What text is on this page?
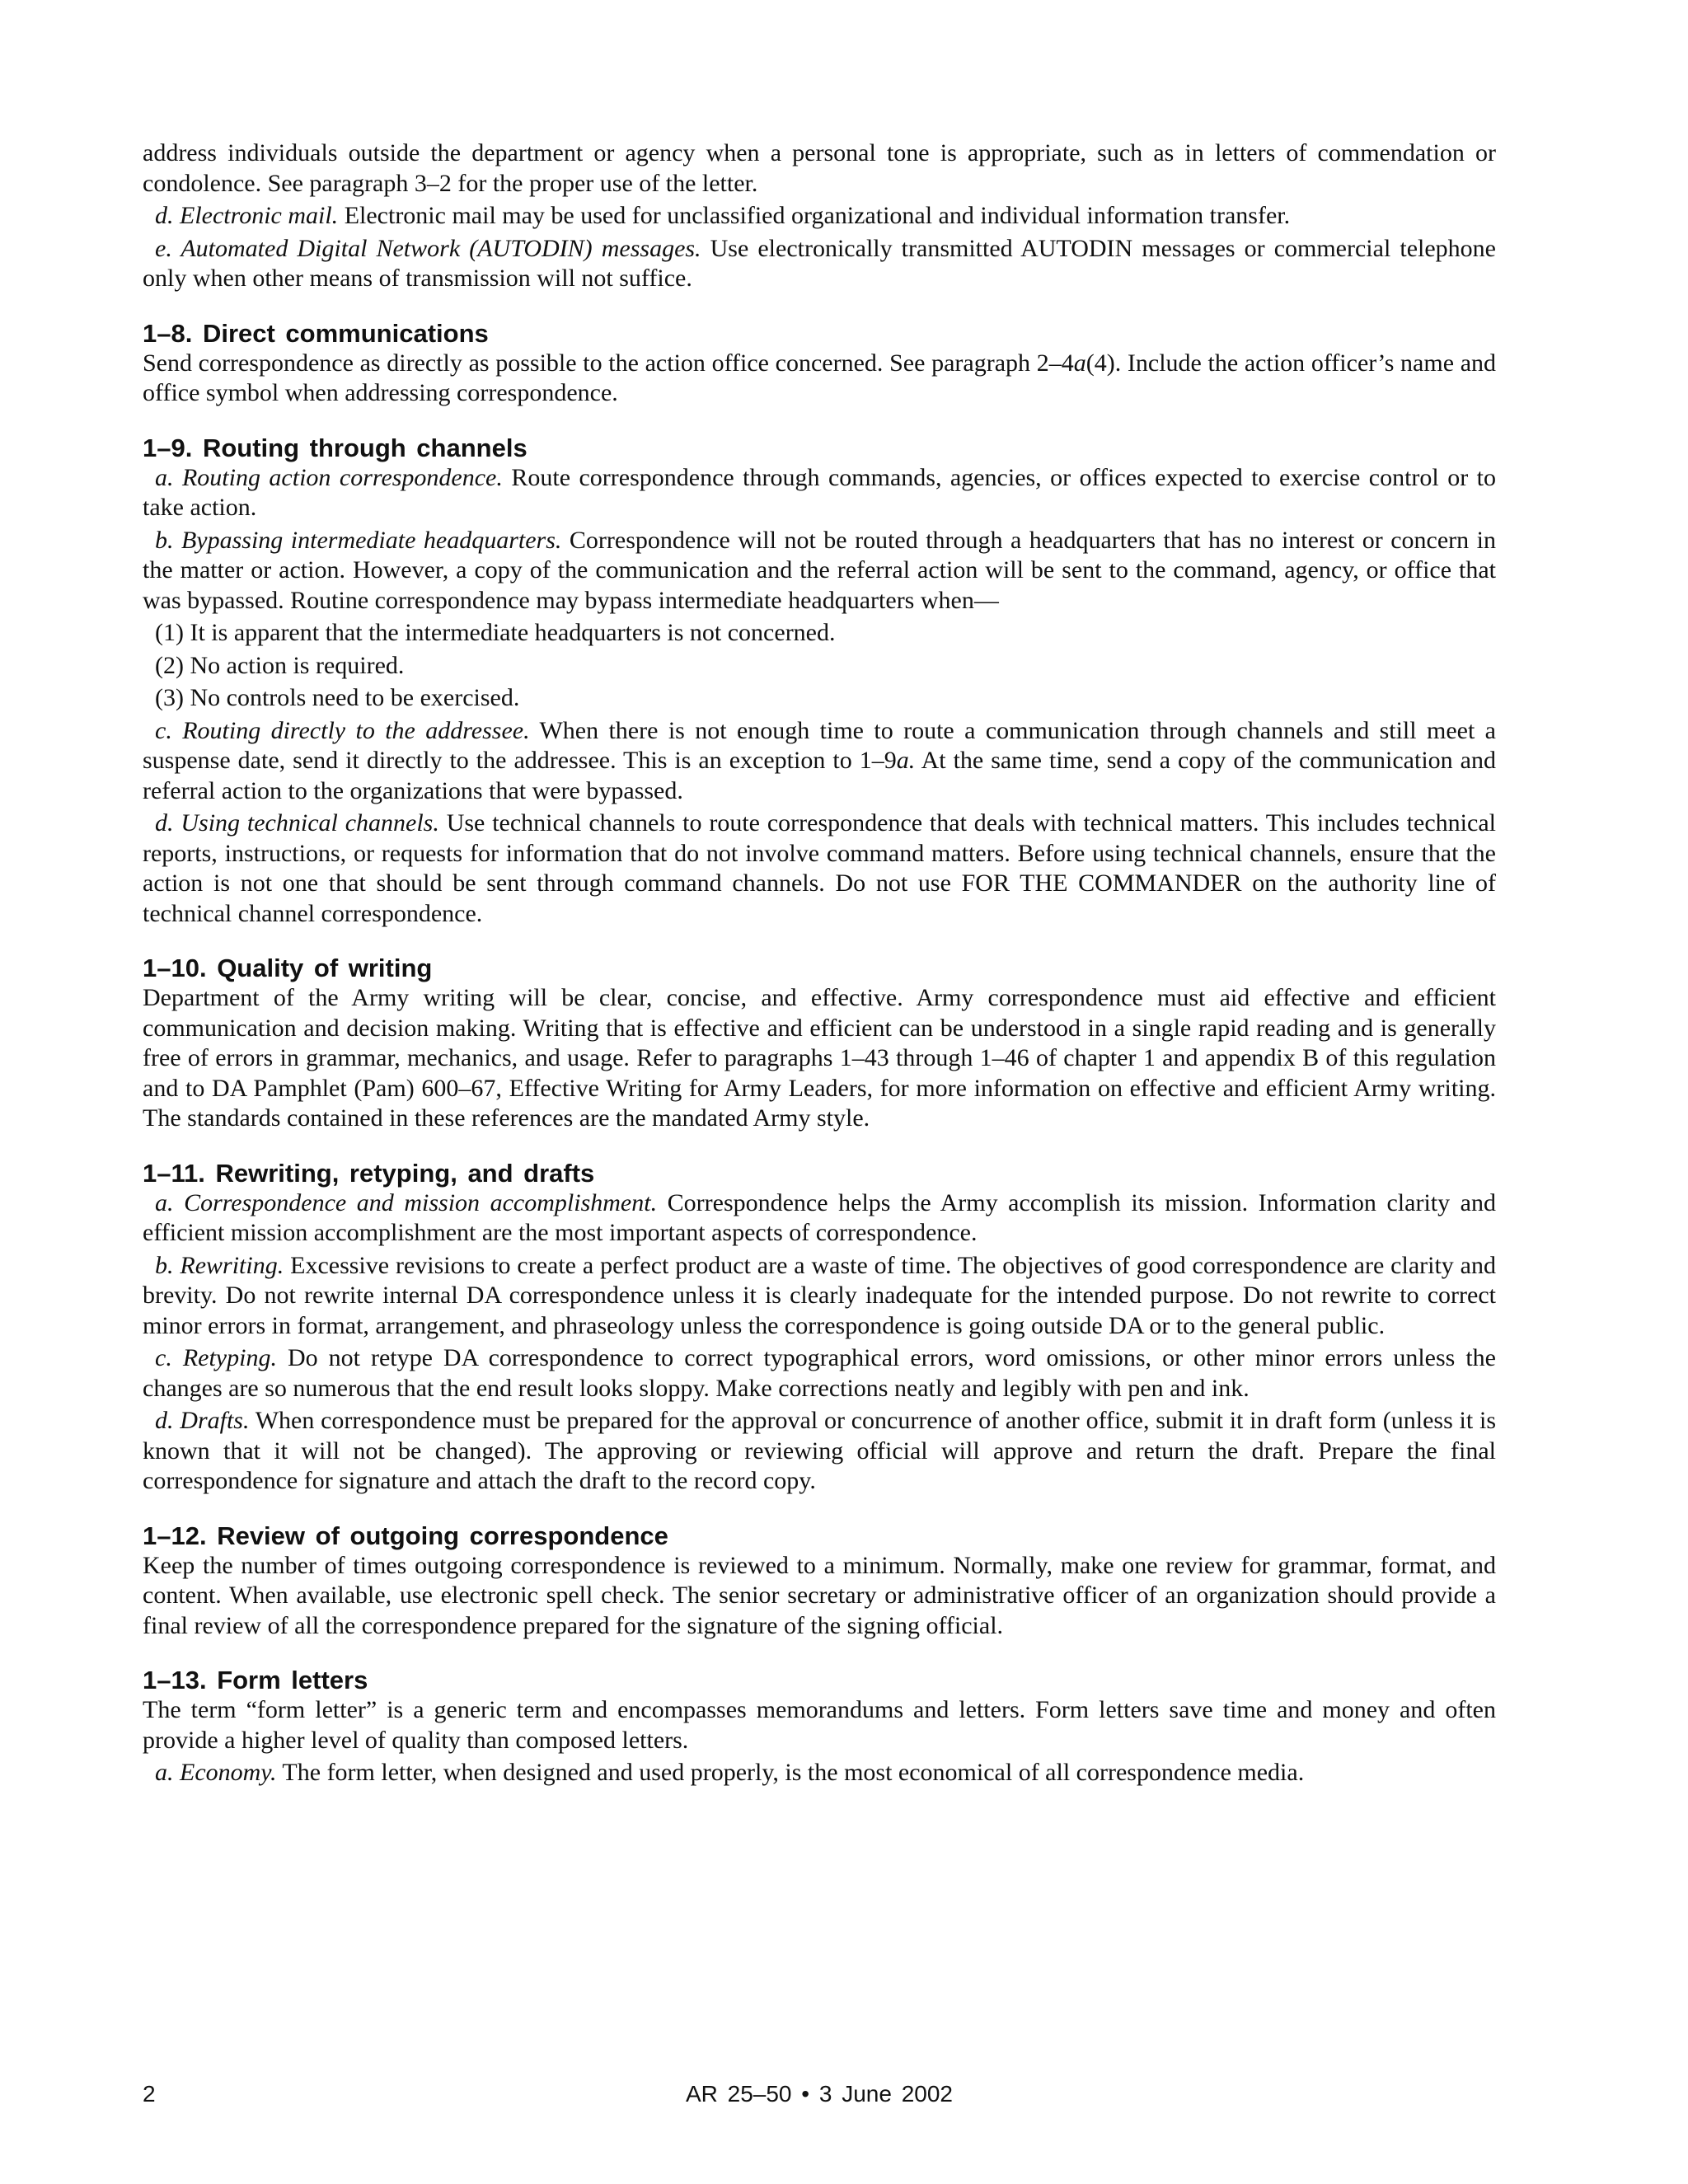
address individuals outside the department or agency when a personal tone is appropriate, such as in letters of commendation or condolence. See paragraph 3–2 for the proper use of the letter.

d. Electronic mail. Electronic mail may be used for unclassified organizational and individual information transfer.

e. Automated Digital Network (AUTODIN) messages. Use electronically transmitted AUTODIN messages or commercial telephone only when other means of transmission will not suffice.

1–8. Direct communications

Send correspondence as directly as possible to the action office concerned. See paragraph 2–4a(4). Include the action officer’s name and office symbol when addressing correspondence.

1–9. Routing through channels

a. Routing action correspondence. Route correspondence through commands, agencies, or offices expected to exercise control or to take action.

b. Bypassing intermediate headquarters. Correspondence will not be routed through a headquarters that has no interest or concern in the matter or action. However, a copy of the communication and the referral action will be sent to the command, agency, or office that was bypassed. Routine correspondence may bypass intermediate headquarters when—

(1) It is apparent that the intermediate headquarters is not concerned.

(2) No action is required.

(3) No controls need to be exercised.

c. Routing directly to the addressee. When there is not enough time to route a communication through channels and still meet a suspense date, send it directly to the addressee. This is an exception to 1–9a. At the same time, send a copy of the communication and referral action to the organizations that were bypassed.

d. Using technical channels. Use technical channels to route correspondence that deals with technical matters. This includes technical reports, instructions, or requests for information that do not involve command matters. Before using technical channels, ensure that the action is not one that should be sent through command channels. Do not use FOR THE COMMANDER on the authority line of technical channel correspondence.

1–10. Quality of writing

Department of the Army writing will be clear, concise, and effective. Army correspondence must aid effective and efficient communication and decision making. Writing that is effective and efficient can be understood in a single rapid reading and is generally free of errors in grammar, mechanics, and usage. Refer to paragraphs 1–43 through 1–46 of chapter 1 and appendix B of this regulation and to DA Pamphlet (Pam) 600–67, Effective Writing for Army Leaders, for more information on effective and efficient Army writing. The standards contained in these references are the mandated Army style.

1–11. Rewriting, retyping, and drafts

a. Correspondence and mission accomplishment. Correspondence helps the Army accomplish its mission. Information clarity and efficient mission accomplishment are the most important aspects of correspondence.

b. Rewriting. Excessive revisions to create a perfect product are a waste of time. The objectives of good correspondence are clarity and brevity. Do not rewrite internal DA correspondence unless it is clearly inadequate for the intended purpose. Do not rewrite to correct minor errors in format, arrangement, and phraseology unless the correspondence is going outside DA or to the general public.

c. Retyping. Do not retype DA correspondence to correct typographical errors, word omissions, or other minor errors unless the changes are so numerous that the end result looks sloppy. Make corrections neatly and legibly with pen and ink.

d. Drafts. When correspondence must be prepared for the approval or concurrence of another office, submit it in draft form (unless it is known that it will not be changed). The approving or reviewing official will approve and return the draft. Prepare the final correspondence for signature and attach the draft to the record copy.

1–12. Review of outgoing correspondence

Keep the number of times outgoing correspondence is reviewed to a minimum. Normally, make one review for grammar, format, and content. When available, use electronic spell check. The senior secretary or administrative officer of an organization should provide a final review of all the correspondence prepared for the signature of the signing official.

1–13. Form letters

The term “form letter” is a generic term and encompasses memorandums and letters. Form letters save time and money and often provide a higher level of quality than composed letters.

a. Economy. The form letter, when designed and used properly, is the most economical of all correspondence media.

2	AR 25–50 • 3 June 2002
